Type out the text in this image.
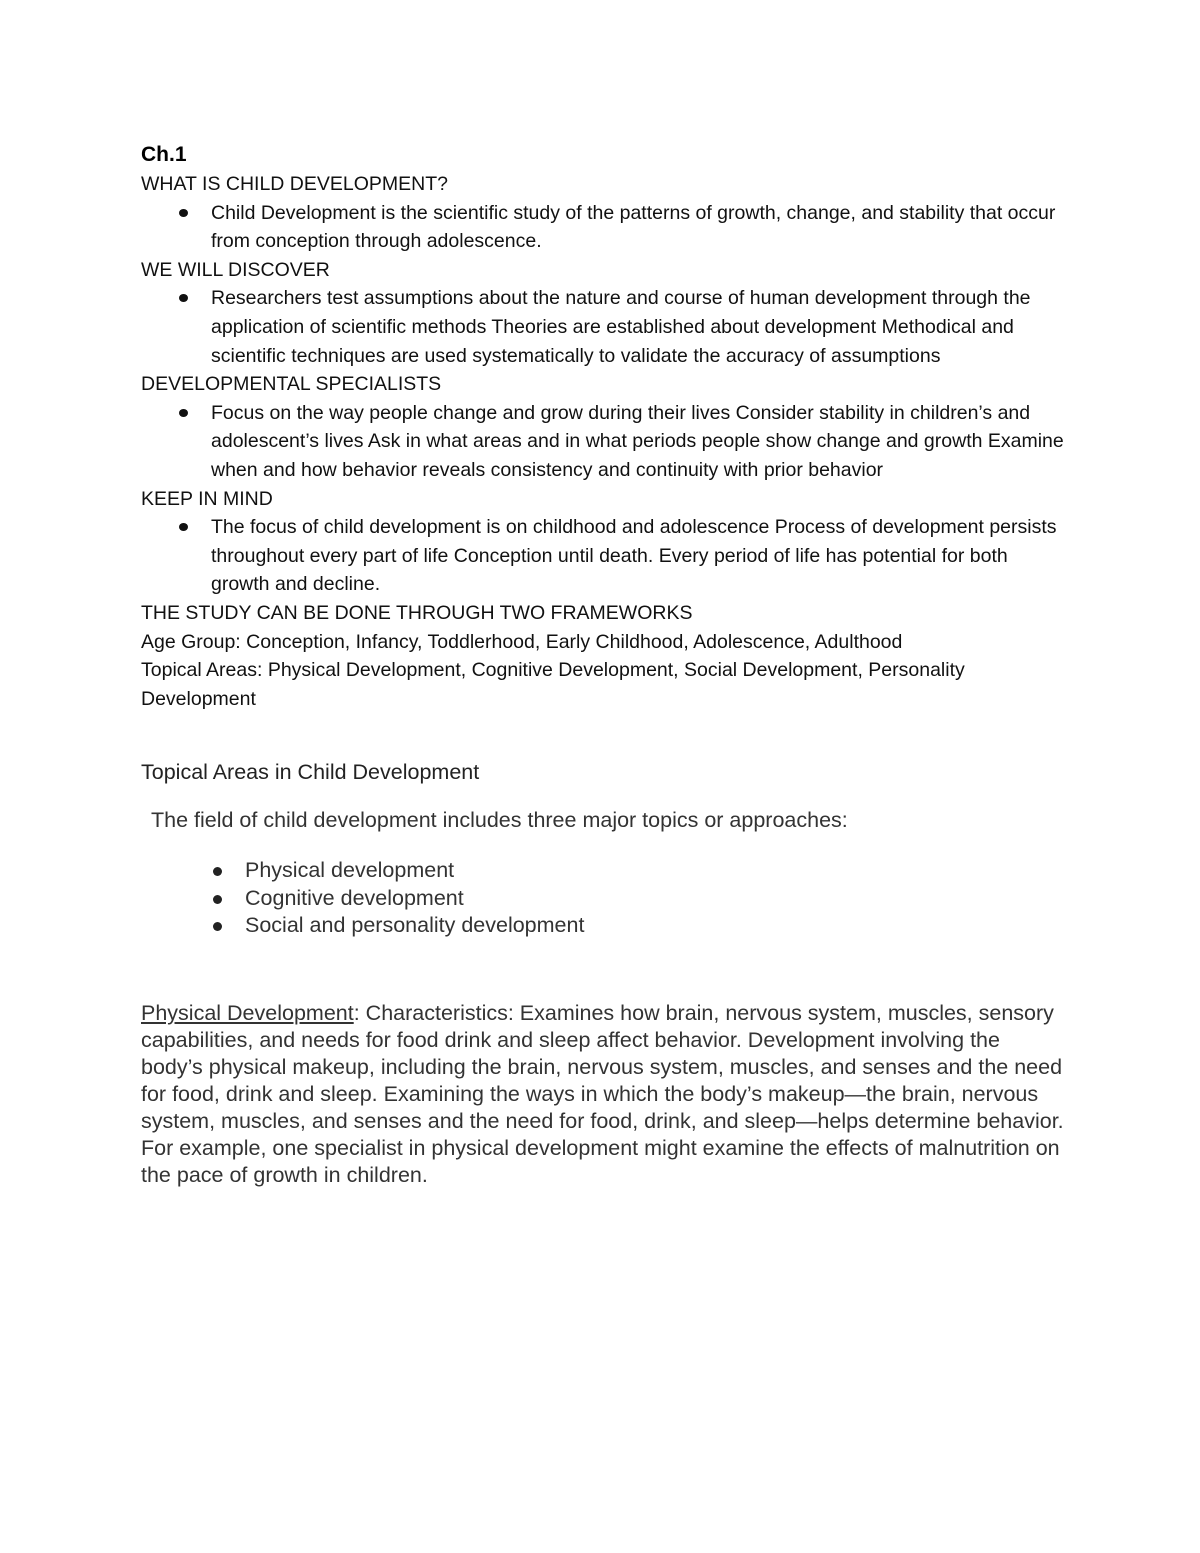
Ch.1

WHAT IS CHILD DEVELOPMENT?

Child Development is the scientific study of the patterns of growth, change, and stability that occur from conception through adolescence.

WE WILL DISCOVER

Researchers test assumptions about the nature and course of human development through the application of scientific methods Theories are established about development Methodical and scientific techniques are used systematically to validate the accuracy of assumptions

DEVELOPMENTAL SPECIALISTS

Focus on the way people change and grow during their lives Consider stability in children’s and adolescent’s lives Ask in what areas and in what periods people show change and growth Examine when and how behavior reveals consistency and continuity with prior behavior

KEEP IN MIND

The focus of child development is on childhood and adolescence Process of development persists throughout every part of life Conception until death. Every period of life has potential for both growth and decline.

THE STUDY CAN BE DONE THROUGH TWO FRAMEWORKS

Age Group: Conception, Infancy, Toddlerhood, Early Childhood, Adolescence, Adulthood

Topical Areas: Physical Development, Cognitive Development, Social Development, Personality Development

Topical Areas in Child Development

The field of child development includes three major topics or approaches:

Physical development
Cognitive development
Social and personality development

Physical Development: Characteristics: Examines how brain, nervous system, muscles, sensory capabilities, and needs for food drink and sleep affect behavior. Development involving the body’s physical makeup, including the brain, nervous system, muscles, and senses and the need for food, drink and sleep. Examining the ways in which the body’s makeup—the brain, nervous system, muscles, and senses and the need for food, drink, and sleep—helps determine behavior. For example, one specialist in physical development might examine the effects of malnutrition on the pace of growth in children.
